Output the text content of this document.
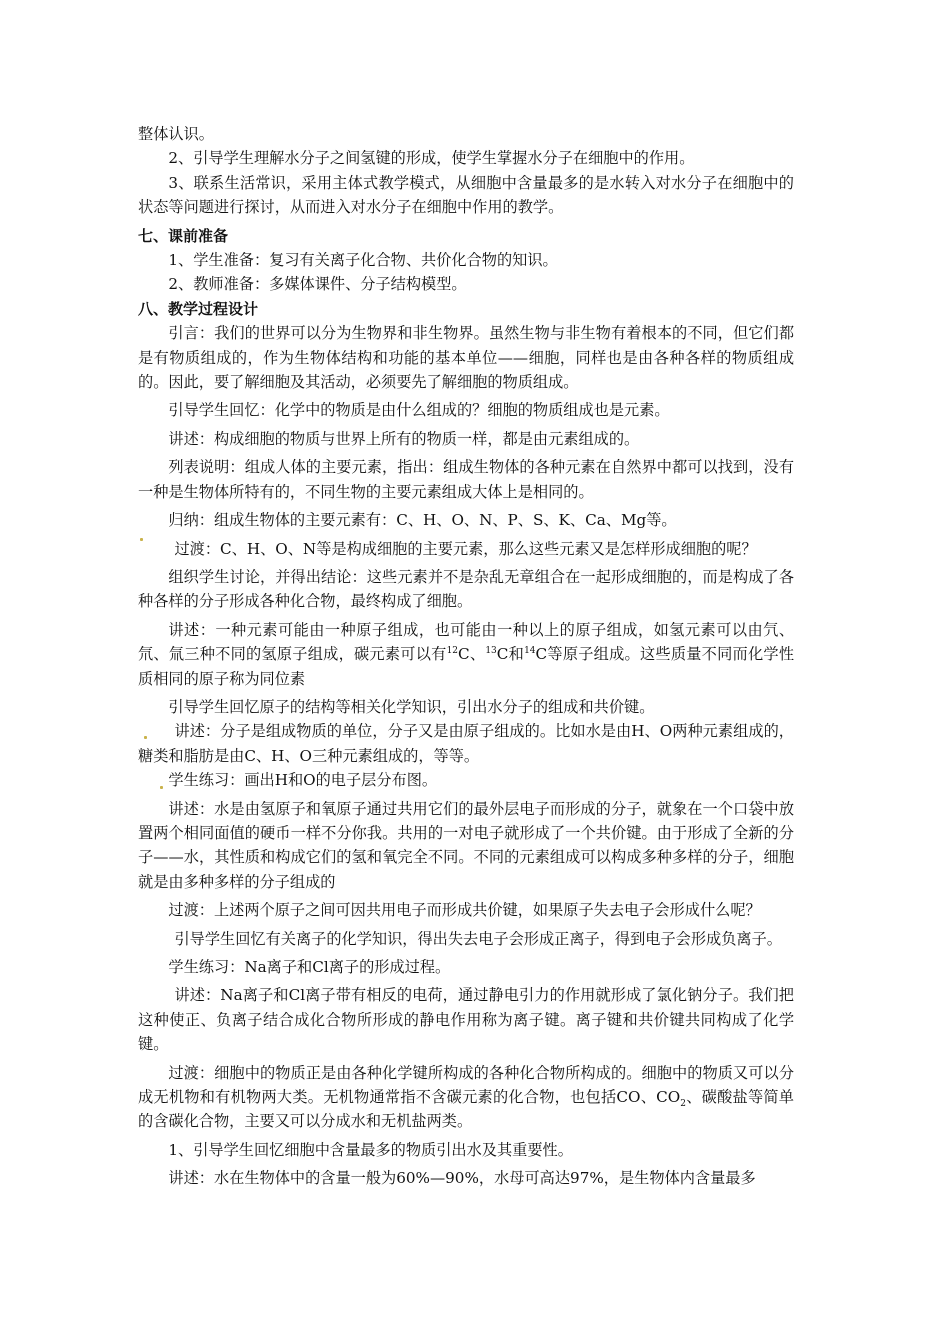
整体认识。

2、引导学生理解水分子之间氢键的形成，使学生掌握水分子在细胞中的作用。

3、联系生活常识，采用主体式教学模式，从细胞中含量最多的是水转入对水分子在细胞中的状态等问题进行探讨，从而进入对水分子在细胞中作用的教学。

七、课前准备

1、学生准备：复习有关离子化合物、共价化合物的知识。

2、教师准备：多媒体课件、分子结构模型。

八、教学过程设计

引言：我们的世界可以分为生物界和非生物界。虽然生物与非生物有着根本的不同，但它们都是有物质组成的，作为生物体结构和功能的基本单位——细胞，同样也是由各种各样的物质组成的。因此，要了解细胞及其活动，必须要先了解细胞的物质组成。

引导学生回忆：化学中的物质是由什么组成的？细胞的物质组成也是元素。

讲述：构成细胞的物质与世界上所有的物质一样，都是由元素组成的。

列表说明：组成人体的主要元素，指出：组成生物体的各种元素在自然界中都可以找到，没有一种是生物体所特有的，不同生物的主要元素组成大体上是相同的。

归纳：组成生物体的主要元素有：C、H、O、N、P、S、K、Ca、Mg等。

过渡：C、H、O、N等是构成细胞的主要元素，那么这些元素又是怎样形成细胞的呢？

组织学生讨论，并得出结论：这些元素并不是杂乱无章组合在一起形成细胞的，而是构成了各种各样的分子形成各种化合物，最终构成了细胞。

讲述：一种元素可能由一种原子组成，也可能由一种以上的原子组成，如氢元素可以由氕、氘、氚三种不同的氢原子组成，碳元素可以有$^{12}$C、$^{13}$C和$^{14}$C等原子组成。这些质量不同而化学性质相同的原子称为同位素

引导学生回忆原子的结构等相关化学知识，引出水分子的组成和共价键。

讲述：分子是组成物质的单位，分子又是由原子组成的。比如水是由H、O两种元素组成的，糖类和脂肪是由C、H、O三种元素组成的，等等。

学生练习：画出H和O的电子层分布图。

讲述：水是由氢原子和氧原子通过共用它们的最外层电子而形成的分子，就象在一个口袋中放置两个相同面值的硬币一样不分你我。共用的一对电子就形成了一个共价键。由于形成了全新的分子——水，其性质和构成它们的氢和氧完全不同。不同的元素组成可以构成多种多样的分子，细胞就是由多种多样的分子组成的

过渡：上述两个原子之间可因共用电子而形成共价键，如果原子失去电子会形成什么呢？

引导学生回忆有关离子的化学知识，得出失去电子会形成正离子，得到电子会形成负离子。

学生练习：Na离子和Cl离子的形成过程。

讲述：Na离子和Cl离子带有相反的电荷，通过静电引力的作用就形成了氯化钠分子。我们把这种使正、负离子结合成化合物所形成的静电作用称为离子键。离子键和共价键共同构成了化学键。

过渡：细胞中的物质正是由各种化学键所构成的各种化合物所构成的。细胞中的物质又可以分成无机物和有机物两大类。无机物通常指不含碳元素的化合物，也包括CO、$CO_2$、碳酸盐等简单的含碳化合物，主要又可以分成水和无机盐两类。

1、引导学生回忆细胞中含量最多的物质引出水及其重要性。

讲述：水在生物体中的含量一般为60%—90%，水母可高达97%，是生物体内含量最多
